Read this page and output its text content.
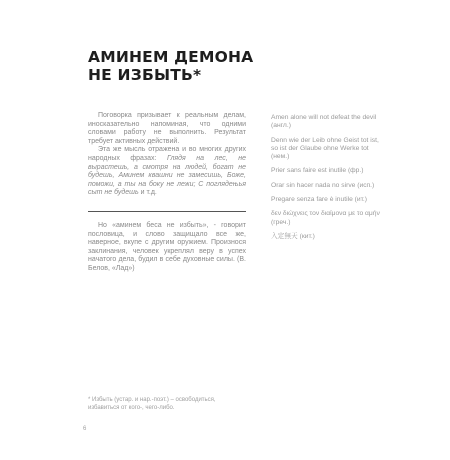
АМИНЕМ ДЕМОНА
НЕ ИЗБЫТЬ*

Поговорка призывает к реальным делам, иносказательно напоминая, что одними словами работу не выполнить. Результат требует активных действий.

Эта же мысль отражена и во многих других народных фразах: Глядя на лес, не вырастешь, а смотря на людей, богат не будешь, Аминем квашни не замесишь, Боже, поможи, а ты на боку не лежи; С поглядењья сыт не будешь и т.д.

Но «аминем беса не избыть», - говорит пословица, и слово защищало все же, наверное, вкупе с другим оружием. Произнося заклинания, человек укреплял веру в успех начатого дела, будил в себе духовные силы. (В. Белов, «Лад»)

Amen alone will not defeat the devil (англ.)
Denn wie der Leib ohne Geist tot ist, so ist der Glaube ohne Werke tot (нем.)
Prier sans faire est inutile (фр.)
Orar sin hacer nada no sirve (исп.)
Pregare senza fare è inutile (ит.)
δεν διώχνεις τον διαίμονα με το αμήν (греч.)
入定無天 (кит.)
* Избыть (устар. и нар.-поэт.) – освободиться, избавиться от кого-, чего-либо.
6
